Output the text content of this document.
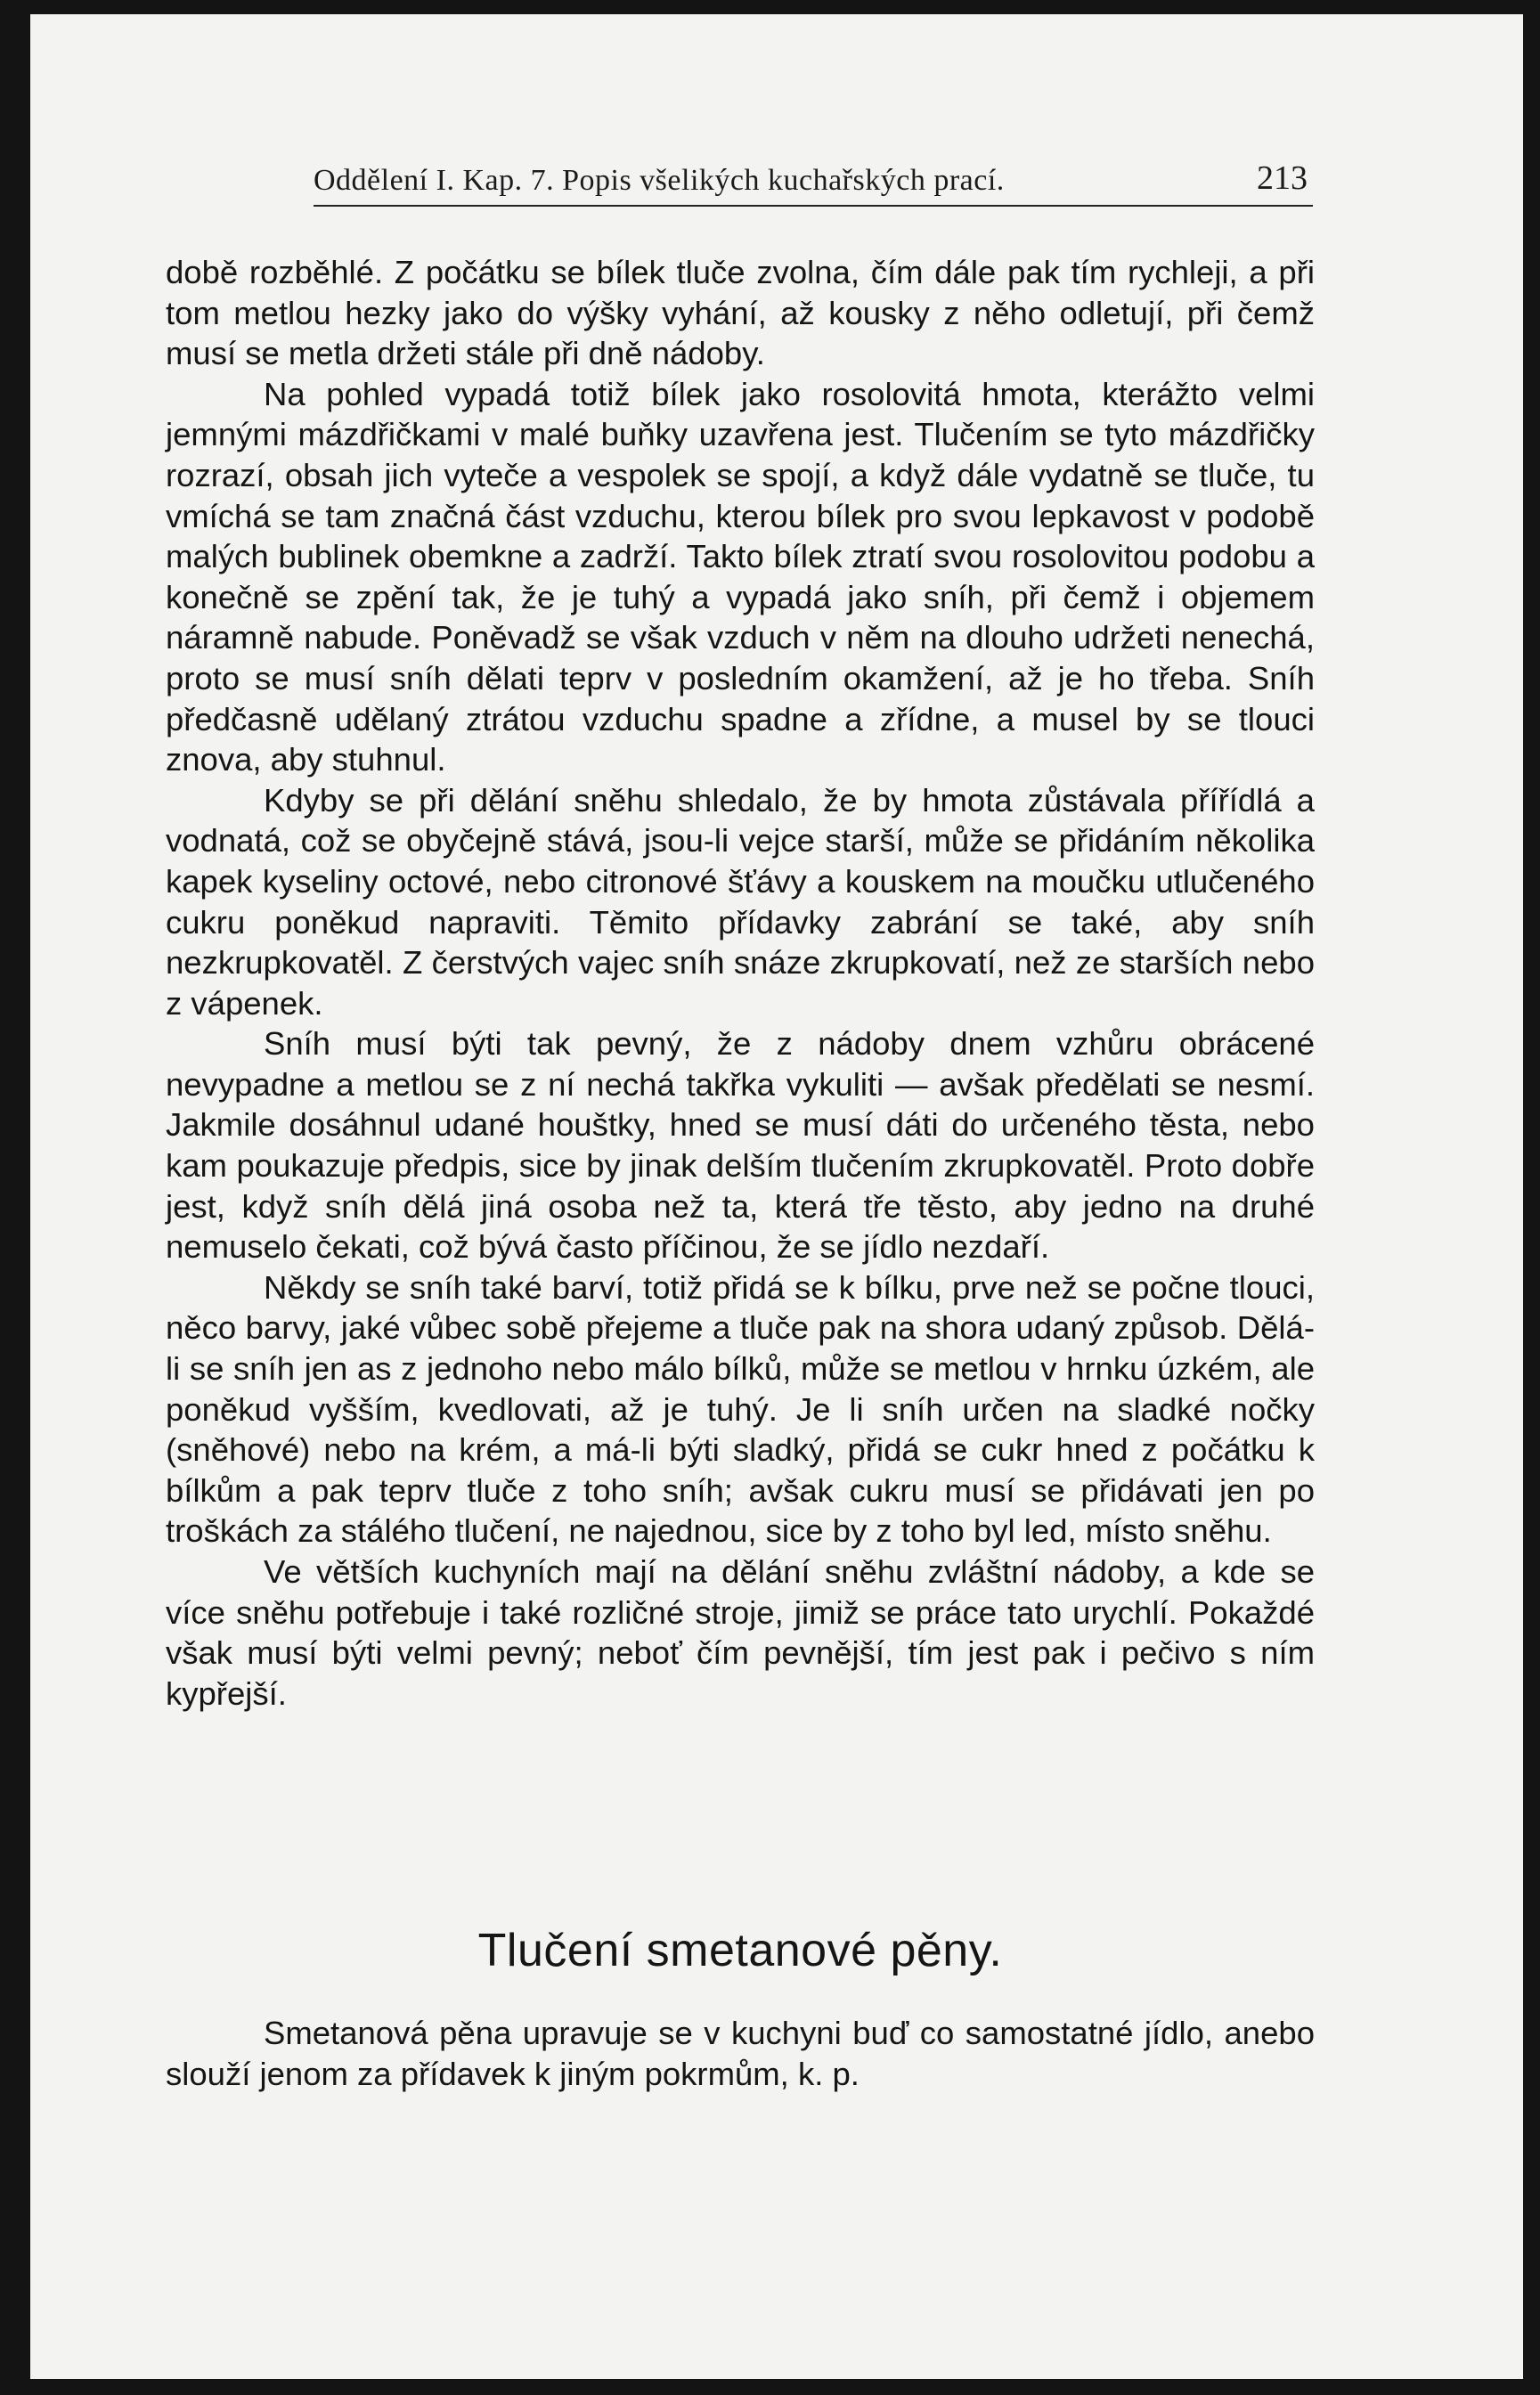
Oddělení I. Kap. 7. Popis všelikých kuchařských prací.	213

době rozběhlé. Z počátku se bílek tluče zvolna, čím dále pak tím rychleji, a při tom metlou hezky jako do výšky vyhání, až kousky z něho odletují, při čemž musí se metla držeti stále při dně nádoby.

Na pohled vypadá totiž bílek jako rosolovitá hmota, kterážto velmi jemnými mázdřičkami v malé buňky uzavřena jest. Tlučením se tyto mázdřičky rozrazí, obsah jich vyteče a vespolek se spojí, a když dále vydatně se tluče, tu vmíchá se tam značná část vzduchu, kterou bílek pro svou lepkavost v podobě malých bublinek obemkne a zadrží. Takto bílek ztratí svou rosolovitou podobu a konečně se zpění tak, že je tuhý a vypadá jako sníh, při čemž i objemem náramně nabude. Poněvadž se však vzduch v něm na dlouho udržeti nenechá, proto se musí sníh dělati teprv v posledním okamžení, až je ho třeba. Sníh předčasně udělaný ztrátou vzduchu spadne a zřídne, a musel by se tlouci znova, aby stuhnul.

Kdyby se při dělání sněhu shledalo, že by hmota zůstávala přířídlá a vodnatá, což se obyčejně stává, jsou-li vejce starší, může se přidáním několika kapek kyseliny octové, nebo citronové šťávy a kouskem na moučku utlučeného cukru poněkud napraviti. Těmito přídavky zabrání se také, aby sníh nezkrupkovatěl. Z čerstvých vajec sníh snáze zkrupkovatí, než ze starších nebo z vápenek.

Sníh musí býti tak pevný, že z nádoby dnem vzhůru obrácené nevypadne a metlou se z ní nechá takřka vykuliti — avšak předělati se nesmí. Jakmile dosáhnul udané houštky, hned se musí dáti do určeného těsta, nebo kam poukazuje předpis, sice by jinak delším tlučením zkrupkovatěl. Proto dobře jest, když sníh dělá jiná osoba než ta, která tře těsto, aby jedno na druhé nemuselo čekati, což bývá často příčinou, že se jídlo nezdaří.

Někdy se sníh také barví, totiž přidá se k bílku, prve než se počne tlouci, něco barvy, jaké vůbec sobě přejeme a tluče pak na shora udaný způsob. Dělá-li se sníh jen as z jednoho nebo málo bílků, může se metlou v hrnku úzkém, ale poněkud vyšším, kvedlovati, až je tuhý. Je li sníh určen na sladké nočky (sněhové) nebo na krém, a má-li býti sladký, přidá se cukr hned z počátku k bílkům a pak teprv tluče z toho sníh; avšak cukru musí se přidávati jen po troškách za stálého tlučení, ne najednou, sice by z toho byl led, místo sněhu.

Ve větších kuchyních mají na dělání sněhu zvláštní nádoby, a kde se více sněhu potřebuje i také rozličné stroje, jimiž se práce tato urychlí. Pokaždé však musí býti velmi pevný; neboť čím pevnější, tím jest pak i pečivo s ním kypřejší.

Tlučení smetanové pěny.

Smetanová pěna upravuje se v kuchyni buď co samostatné jídlo, anebo slouží jenom za přídavek k jiným pokrmům, k. p.
